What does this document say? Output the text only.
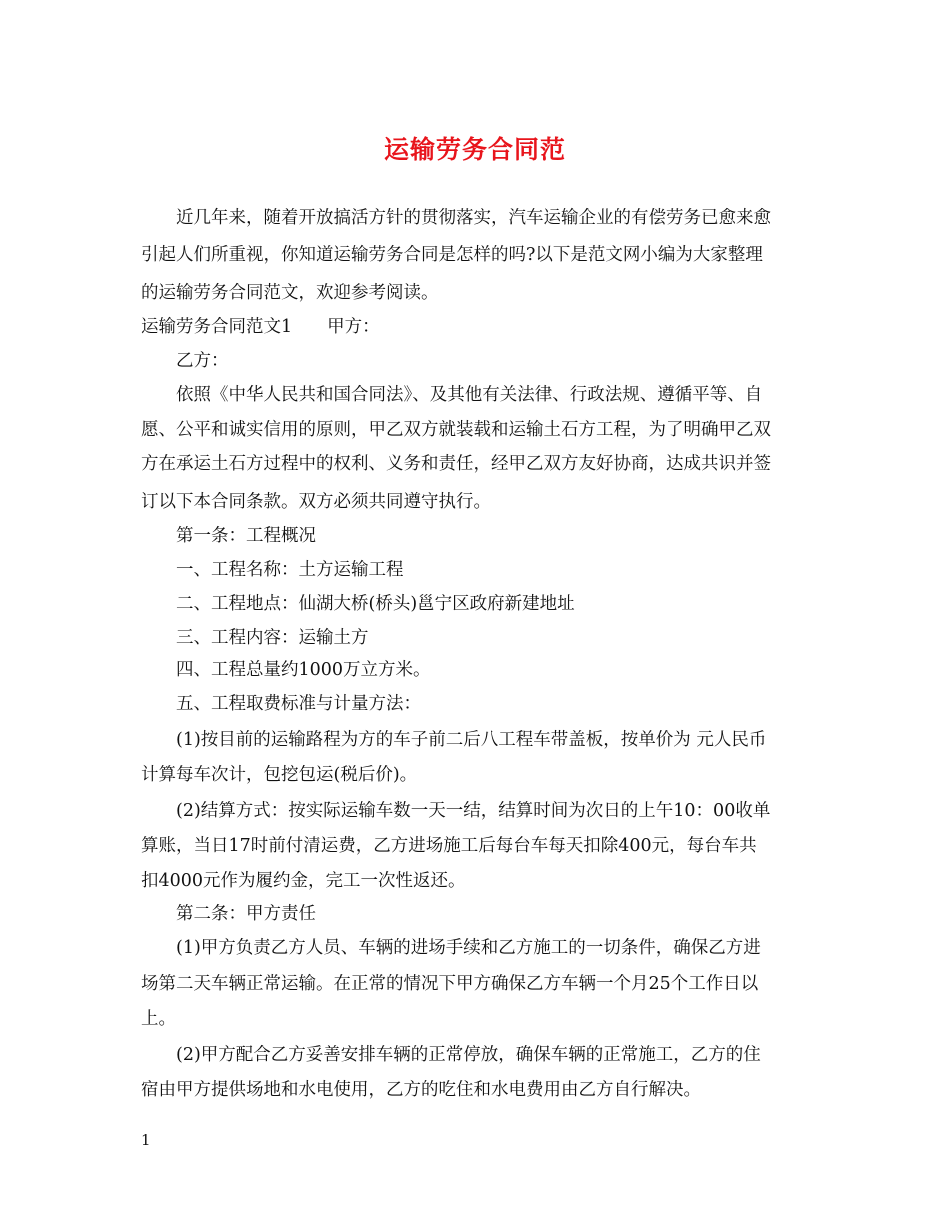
运输劳务合同范
近几年来，随着开放搞活方针的贯彻落实，汽车运输企业的有偿劳务已愈来愈
引起人们所重视，你知道运输劳务合同是怎样的吗?以下是范文网小编为大家整理
的运输劳务合同范文，欢迎参考阅读。
运输劳务合同范文1　　甲方：
乙方：
依照《中华人民共和国合同法》、及其他有关法律、行政法规、遵循平等、自
愿、公平和诚实信用的原则，甲乙双方就装载和运输土石方工程，为了明确甲乙双
方在承运土石方过程中的权利、义务和责任，经甲乙双方友好协商，达成共识并签
订以下本合同条款。双方必须共同遵守执行。
第一条：工程概况
一、工程名称：土方运输工程
二、工程地点：仙湖大桥(桥头)邕宁区政府新建地址
三、工程内容：运输土方
四、工程总量约1000万立方米。
五、工程取费标准与计量方法：
(1)按目前的运输路程为方的车子前二后八工程车带盖板，按单价为 元人民币
计算每车次计，包挖包运(税后价)。
(2)结算方式：按实际运输车数一天一结，结算时间为次日的上午10：00收单
算账，当日17时前付清运费，乙方进场施工后每台车每天扣除400元，每台车共
扣4000元作为履约金，完工一次性返还。
第二条：甲方责任
(1)甲方负责乙方人员、车辆的进场手续和乙方施工的一切条件，确保乙方进
场第二天车辆正常运输。在正常的情况下甲方确保乙方车辆一个月25个工作日以
上。
(2)甲方配合乙方妥善安排车辆的正常停放，确保车辆的正常施工，乙方的住
宿由甲方提供场地和水电使用，乙方的吃住和水电费用由乙方自行解决。
1
